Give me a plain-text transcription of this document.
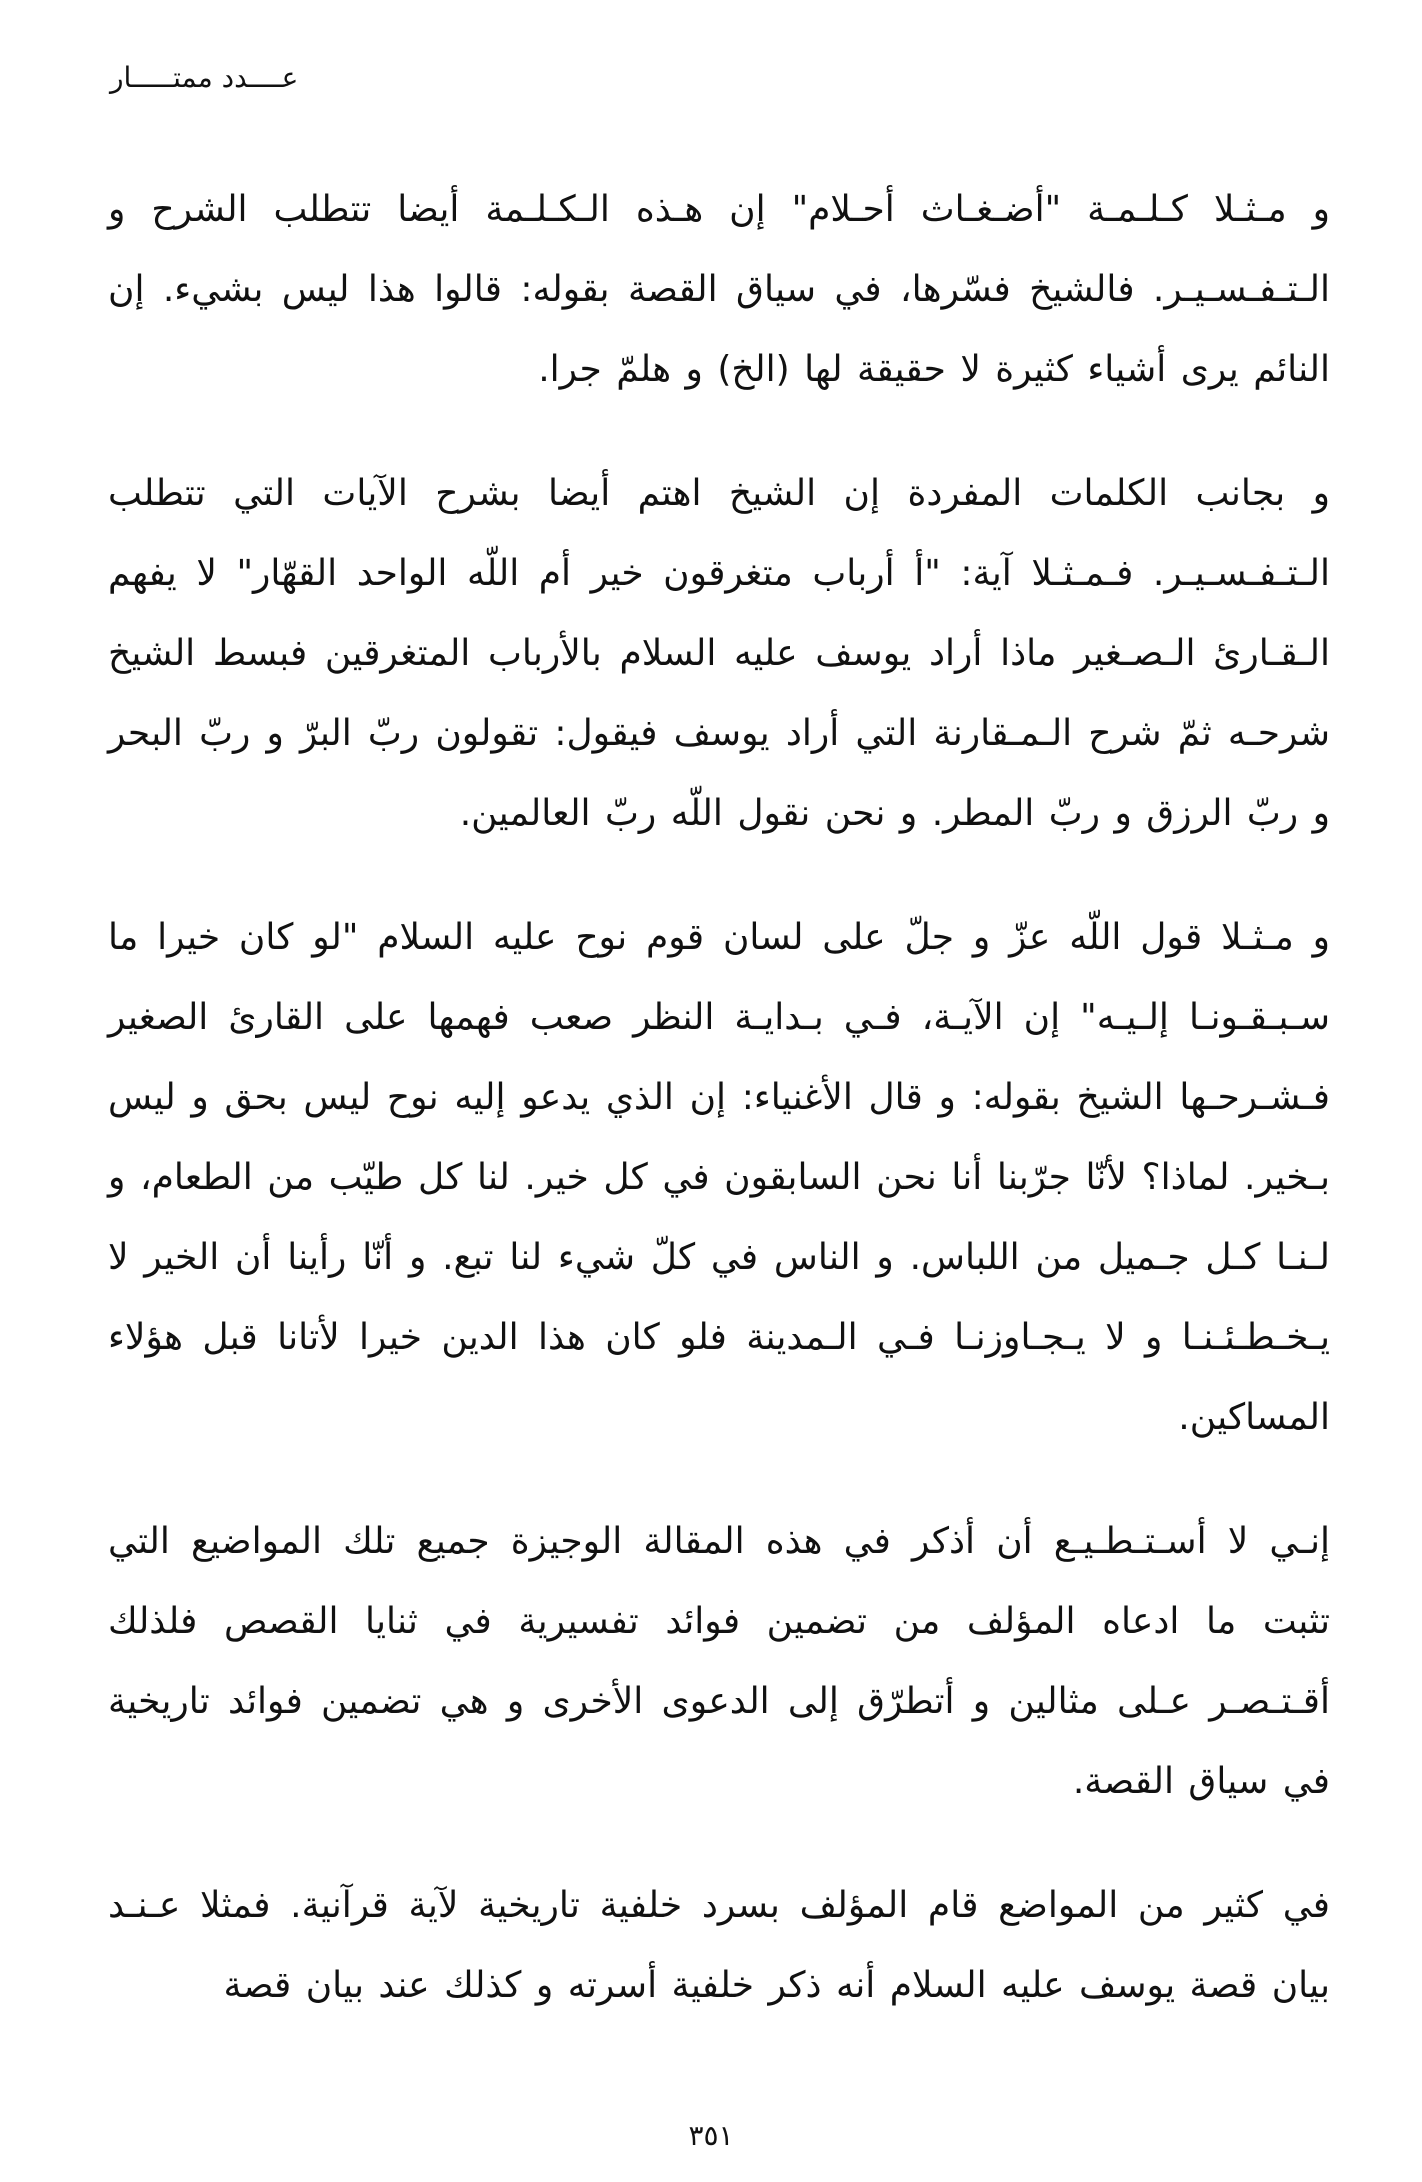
عــــدد ممتـــــار

و مـثـلا كـلـمـة "أضـغـاث أحـلام" إن هـذه الـكـلـمة أيضا تتطلب الشرح و الـتـفـسـيـر. فالشيخ فسّرها، في سياق القصة بقوله: قالوا هذا ليس بشيء. إن النائم يرى أشياء كثيرة لا حقيقة لها (الخ) و هلمّ جرا.

و بجانب الكلمات المفردة إن الشيخ اهتم أيضا بشرح الآيات التي تتطلب الـتـفـسـيـر. فـمـثـلا آية: "أ أرباب متغرقون خير أم اللّه الواحد القهّار" لا يفهم الـقـارئ الـصـغير ماذا أراد يوسف عليه السلام بالأرباب المتغرقين فبسط الشيخ شرحـه ثمّ شرح الـمـقارنة التي أراد يوسف فيقول: تقولون ربّ البرّ و ربّ البحر و ربّ الرزق و ربّ المطر. و نحن نقول اللّه ربّ العالمين.

و مـثـلا قول اللّه عزّ و جلّ على لسان قوم نوح عليه السلام "لو كان خيرا ما سـبـقـونـا إلـيـه" إن الآيـة، فـي بـدايـة النظر صعب فهمها على القارئ الصغير فـشـرحـها الشيخ بقوله: و قال الأغنياء: إن الذي يدعو إليه نوح ليس بحق و ليس بـخير. لماذا؟ لأنّا جرّبنا أنا نحن السابقون في كل خير. لنا كل طيّب من الطعام، و لـنـا كـل جـميل من اللباس. و الناس في كلّ شيء لنا تبع. و أنّا رأينا أن الخير لا يـخـطـئـنـا و لا يـجـاوزنـا فـي الـمدينة فلو كان هذا الدين خيرا لأتانا قبل هؤلاء المساكين.

إنـي لا أسـتـطـيـع أن أذكر في هذه المقالة الوجيزة جميع تلك المواضيع التي تثبت ما ادعاه المؤلف من تضمين فوائد تفسيرية في ثنايا القصص فلذلك أقـتـصـر عـلى مثالين و أتطرّق إلى الدعوى الأخرى و هي تضمين فوائد تاريخية في سياق القصة.

في كثير من المواضع قام المؤلف بسرد خلفية تاريخية لآية قرآنية. فمثلا عـنـد بيان قصة يوسف عليه السلام أنه ذكر خلفية أسرته و كذلك عند بيان قصة

٣٥١
